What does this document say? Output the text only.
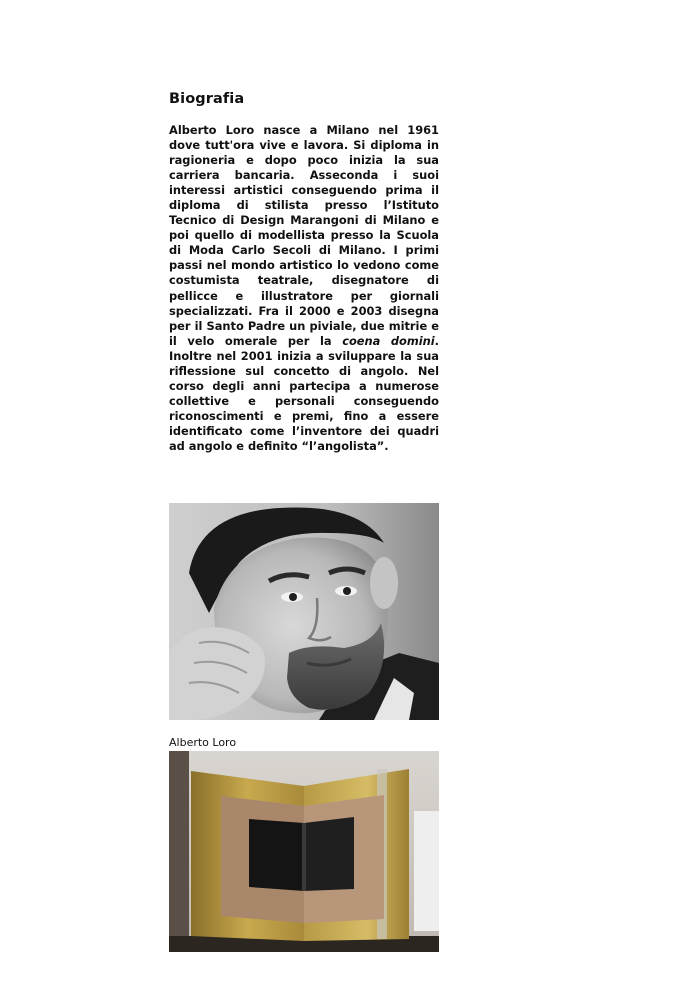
Biografia

Alberto Loro nasce a Milano nel 1961 dove tutt'ora vive e lavora. Si diploma in ragioneria e dopo poco inizia la sua carriera bancaria. Asseconda i suoi interessi artistici conseguendo prima il diploma di stilista presso l’Istituto Tecnico di Design Marangoni di Milano e poi quello di modellista presso la Scuola di Moda Carlo Secoli di Milano. I primi passi nel mondo artistico lo vedono come costumista teatrale, disegnatore di pellicce e illustratore per giornali specializzati. Fra il 2000 e 2003 disegna per il Santo Padre un piviale, due mitrie e il velo omerale per la coena domini. Inoltre nel 2001 inizia a sviluppare la sua riflessione sul concetto di angolo. Nel corso degli anni partecipa a numerose collettive e personali conseguendo riconoscimenti e premi, fino a essere identificato come l’inventore dei quadri ad angolo e definito “l’angolista”.

Alberto Loro
